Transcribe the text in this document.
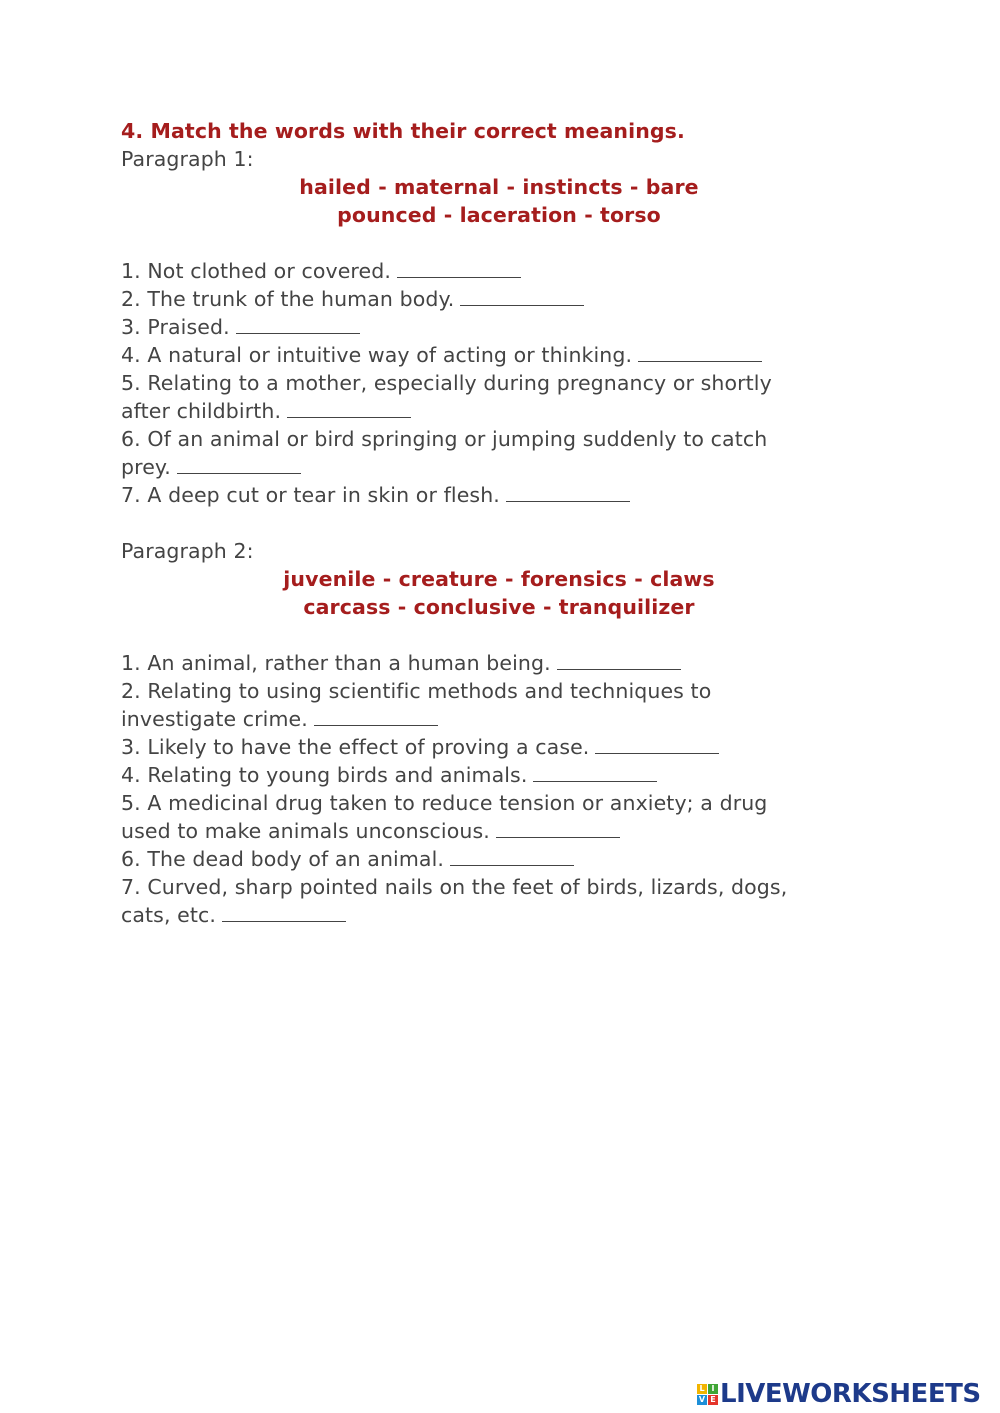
4. Match the words with their correct meanings.
Paragraph 1:
hailed - maternal - instincts - bare
pounced - laceration - torso
1. Not clothed or covered.
2. The trunk of the human body.
3. Praised.
4. A natural or intuitive way of acting or thinking.
5. Relating to a mother, especially during pregnancy or shortly
after childbirth.
6. Of an animal or bird springing or jumping suddenly to catch
prey.
7. A deep cut or tear in skin or flesh.
Paragraph 2:
juvenile - creature - forensics - claws
carcass - conclusive - tranquilizer
1. An animal, rather than a human being.
2. Relating to using scientific methods and techniques to
investigate crime.
3. Likely to have the effect of proving a case.
4. Relating to young birds and animals.
5. A medicinal drug taken to reduce tension or anxiety; a drug
used to make animals unconscious.
6. The dead body of an animal.
7. Curved, sharp pointed nails on the feet of birds, lizards, dogs,
cats, etc.
L I
V E LIVEWORKSHEETS
